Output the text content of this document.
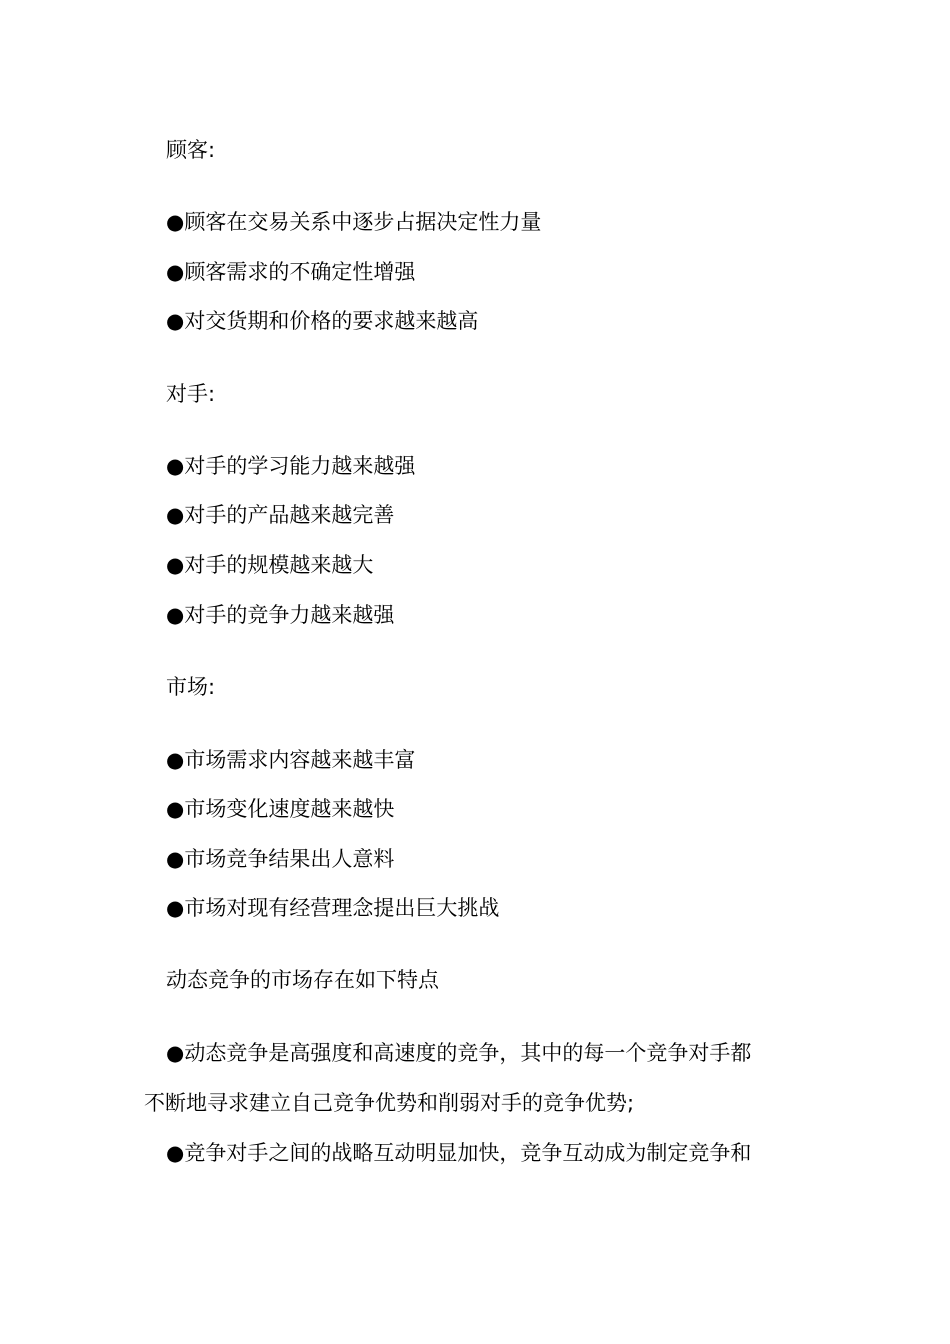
顾客:
●顾客在交易关系中逐步占据决定性力量
●顾客需求的不确定性增强
●对交货期和价格的要求越来越高
对手:
●对手的学习能力越来越强
●对手的产品越来越完善
●对手的规模越来越大
●对手的竞争力越来越强
市场:
●市场需求内容越来越丰富
●市场变化速度越来越快
●市场竞争结果出人意料
●市场对现有经营理念提出巨大挑战
动态竞争的市场存在如下特点
●动态竞争是高强度和高速度的竞争，其中的每一个竞争对手都
不断地寻求建立自己竞争优势和削弱对手的竞争优势;
●竞争对手之间的战略互动明显加快，竞争互动成为制定竞争和
